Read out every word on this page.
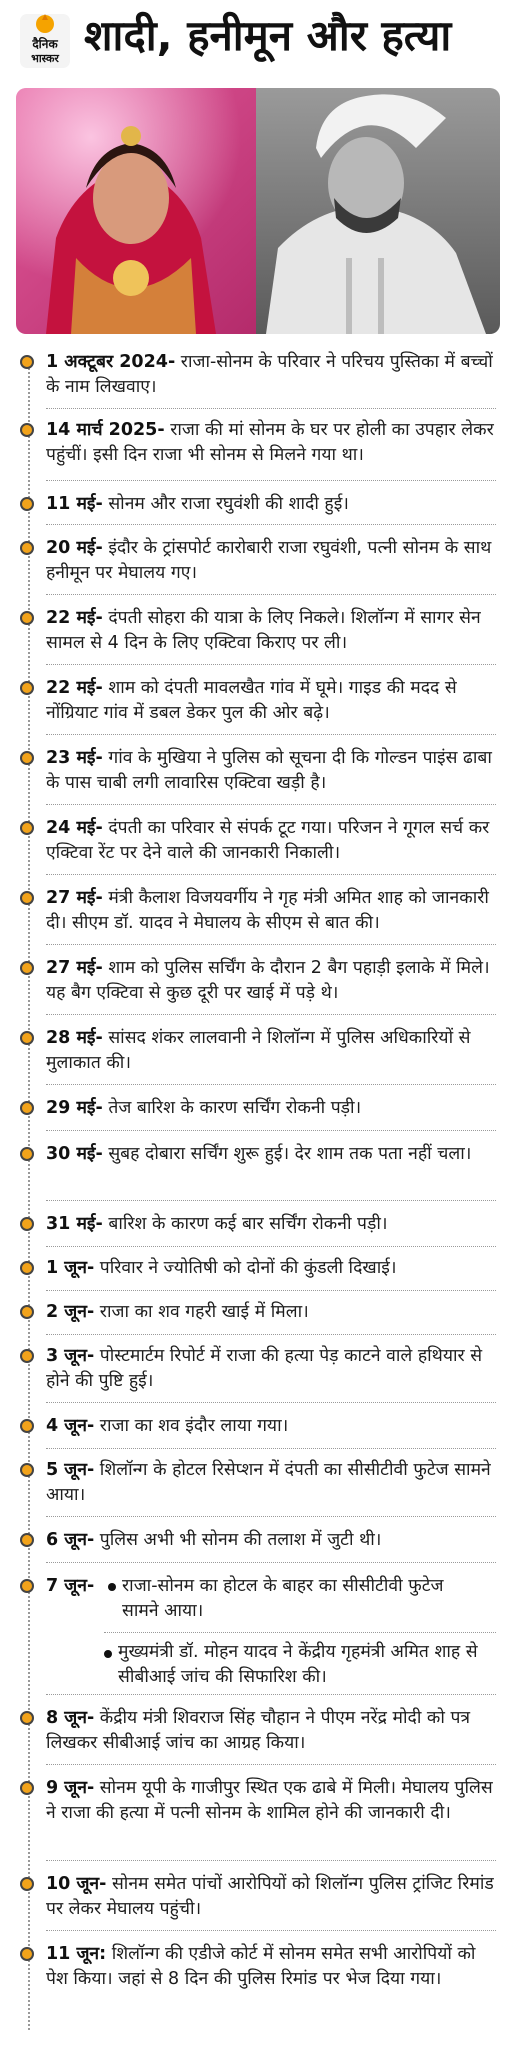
दैनिक
भास्कर शादी, हनीमून और हत्या
1 अक्टूबर 2024- राजा-सोनम के परिवार ने परिचय पुस्तिका में बच्चों के नाम लिखवाए।
14 मार्च 2025- राजा की मां सोनम के घर पर होली का उपहार लेकर पहुंचीं। इसी दिन राजा भी सोनम से मिलने गया था।
11 मई- सोनम और राजा रघुवंशी की शादी हुई।
20 मई- इंदौर के ट्रांसपोर्ट कारोबारी राजा रघुवंशी, पत्नी सोनम के साथ हनीमून पर मेघालय गए।
22 मई- दंपती सोहरा की यात्रा के लिए निकले। शिलॉन्ग में सागर सेन सामल से 4 दिन के लिए एक्टिवा किराए पर ली।
22 मई- शाम को दंपती मावलखैत गांव में घूमे। गाइड की मदद से नोंग्रियाट गांव में डबल डेकर पुल की ओर बढ़े।
23 मई- गांव के मुखिया ने पुलिस को सूचना दी कि गोल्डन पाइंस ढाबा के पास चाबी लगी लावारिस एक्टिवा खड़ी है।
24 मई- दंपती का परिवार से संपर्क टूट गया। परिजन ने गूगल सर्च कर एक्टिवा रेंट पर देने वाले की जानकारी निकाली।
27 मई- मंत्री कैलाश विजयवर्गीय ने गृह मंत्री अमित शाह को जानकारी दी। सीएम डॉ. यादव ने मेघालय के सीएम से बात की।
27 मई- शाम को पुलिस सर्चिंग के दौरान 2 बैग पहाड़ी इलाके में मिले। यह बैग एक्टिवा से कुछ दूरी पर खाई में पड़े थे।
28 मई- सांसद शंकर लालवानी ने शिलॉन्ग में पुलिस अधिकारियों से मुलाकात की।
29 मई- तेज बारिश के कारण सर्चिंग रोकनी पड़ी।
30 मई- सुबह दोबारा सर्चिंग शुरू हुई। देर शाम तक पता नहीं चला।
31 मई- बारिश के कारण कई बार सर्चिंग रोकनी पड़ी।
1 जून- परिवार ने ज्योतिषी को दोनों की कुंडली दिखाई।
2 जून- राजा का शव गहरी खाई में मिला।
3 जून- पोस्टमार्टम रिपोर्ट में राजा की हत्या पेड़ काटने वाले हथियार से होने की पुष्टि हुई।
4 जून- राजा का शव इंदौर लाया गया।
5 जून- शिलॉन्ग के होटल रिसेप्शन में दंपती का सीसीटीवी फुटेज सामने आया।
6 जून- पुलिस अभी भी सोनम की तलाश में जुटी थी।
7 जून-	राजा-सोनम का होटल के बाहर का सीसीटीवी फुटेज सामने आया।
मुख्यमंत्री डॉ. मोहन यादव ने केंद्रीय गृहमंत्री अमित शाह से सीबीआई जांच की सिफारिश की।
8 जून- केंद्रीय मंत्री शिवराज सिंह चौहान ने पीएम नरेंद्र मोदी को पत्र लिखकर सीबीआई जांच का आग्रह किया।
9 जून- सोनम यूपी के गाजीपुर स्थित एक ढाबे में मिली। मेघालय पुलिस ने राजा की हत्या में पत्नी सोनम के शामिल होने की जानकारी दी।
10 जून- सोनम समेत पांचों आरोपियों को शिलॉन्ग पुलिस ट्रांजिट रिमांड पर लेकर मेघालय पहुंची।
11 जून: शिलॉन्ग की एडीजे कोर्ट में सोनम समेत सभी आरोपियों को पेश किया। जहां से 8 दिन की पुलिस रिमांड पर भेज दिया गया।
